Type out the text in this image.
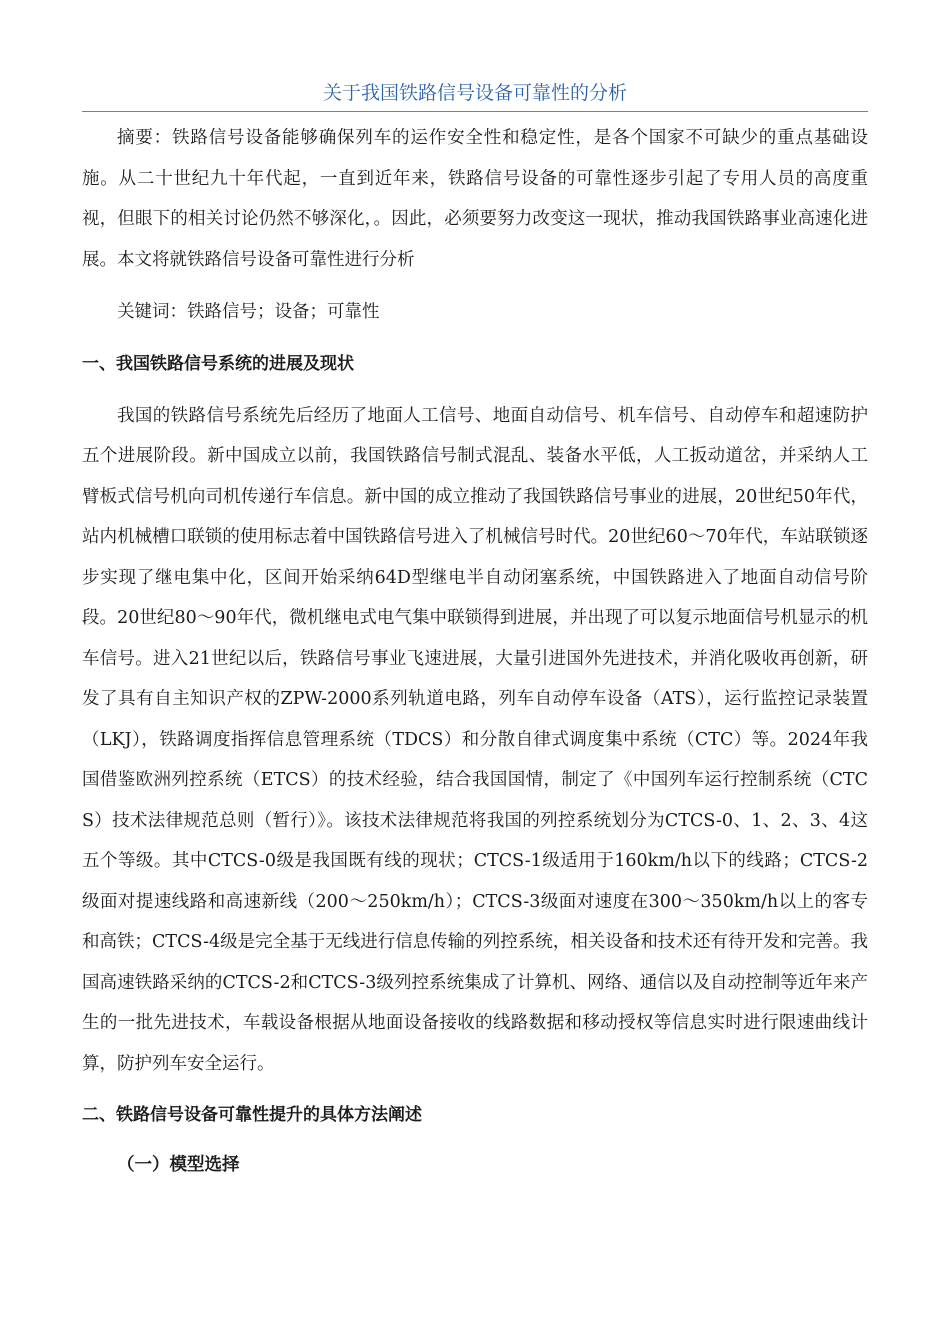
关于我国铁路信号设备可靠性的分析

摘要：铁路信号设备能够确保列车的运作安全性和稳定性，是各个国家不可缺少的重点基础设施。从二十世纪九十年代起，一直到近年来，铁路信号设备的可靠性逐步引起了专用人员的高度重视，但眼下的相关讨论仍然不够深化，。因此，必须要努力改变这一现状，推动我国铁路事业高速化进展。本文将就铁路信号设备可靠性进行分析

关键词：铁路信号；设备；可靠性

一、我国铁路信号系统的进展及现状

我国的铁路信号系统先后经历了地面人工信号、地面自动信号、机车信号、自动停车和超速防护五个进展阶段。新中国成立以前，我国铁路信号制式混乱、装备水平低，人工扳动道岔，并采纳人工臂板式信号机向司机传递行车信息。新中国的成立推动了我国铁路信号事业的进展，20世纪50年代，站内机械槽口联锁的使用标志着中国铁路信号进入了机械信号时代。20世纪60～70年代，车站联锁逐步实现了继电集中化，区间开始采纳64D型继电半自动闭塞系统，中国铁路进入了地面自动信号阶段。20世纪80～90年代，微机继电式电气集中联锁得到进展，并出现了可以复示地面信号机显示的机车信号。进入21世纪以后，铁路信号事业飞速进展，大量引进国外先进技术，并消化吸收再创新，研发了具有自主知识产权的ZPW-2000系列轨道电路，列车自动停车设备（ATS），运行监控记录装置（LKJ），铁路调度指挥信息管理系统（TDCS）和分散自律式调度集中系统（CTC）等。2024年我国借鉴欧洲列控系统（ETCS）的技术经验，结合我国国情，制定了《中国列车运行控制系统（CTCS）技术法律规范总则（暂行）》。该技术法律规范将我国的列控系统划分为CTCS-0、1、2、3、4这五个等级。其中CTCS-0级是我国既有线的现状；CTCS-1级适用于160km/h以下的线路；CTCS-2级面对提速线路和高速新线（200～250km/h）；CTCS-3级面对速度在300～350km/h以上的客专和高铁；CTCS-4级是完全基于无线进行信息传输的列控系统，相关设备和技术还有待开发和完善。我国高速铁路采纳的CTCS-2和CTCS-3级列控系统集成了计算机、网络、通信以及自动控制等近年来产生的一批先进技术，车载设备根据从地面设备接收的线路数据和移动授权等信息实时进行限速曲线计算，防护列车安全运行。

二、铁路信号设备可靠性提升的具体方法阐述
（一）模型选择
